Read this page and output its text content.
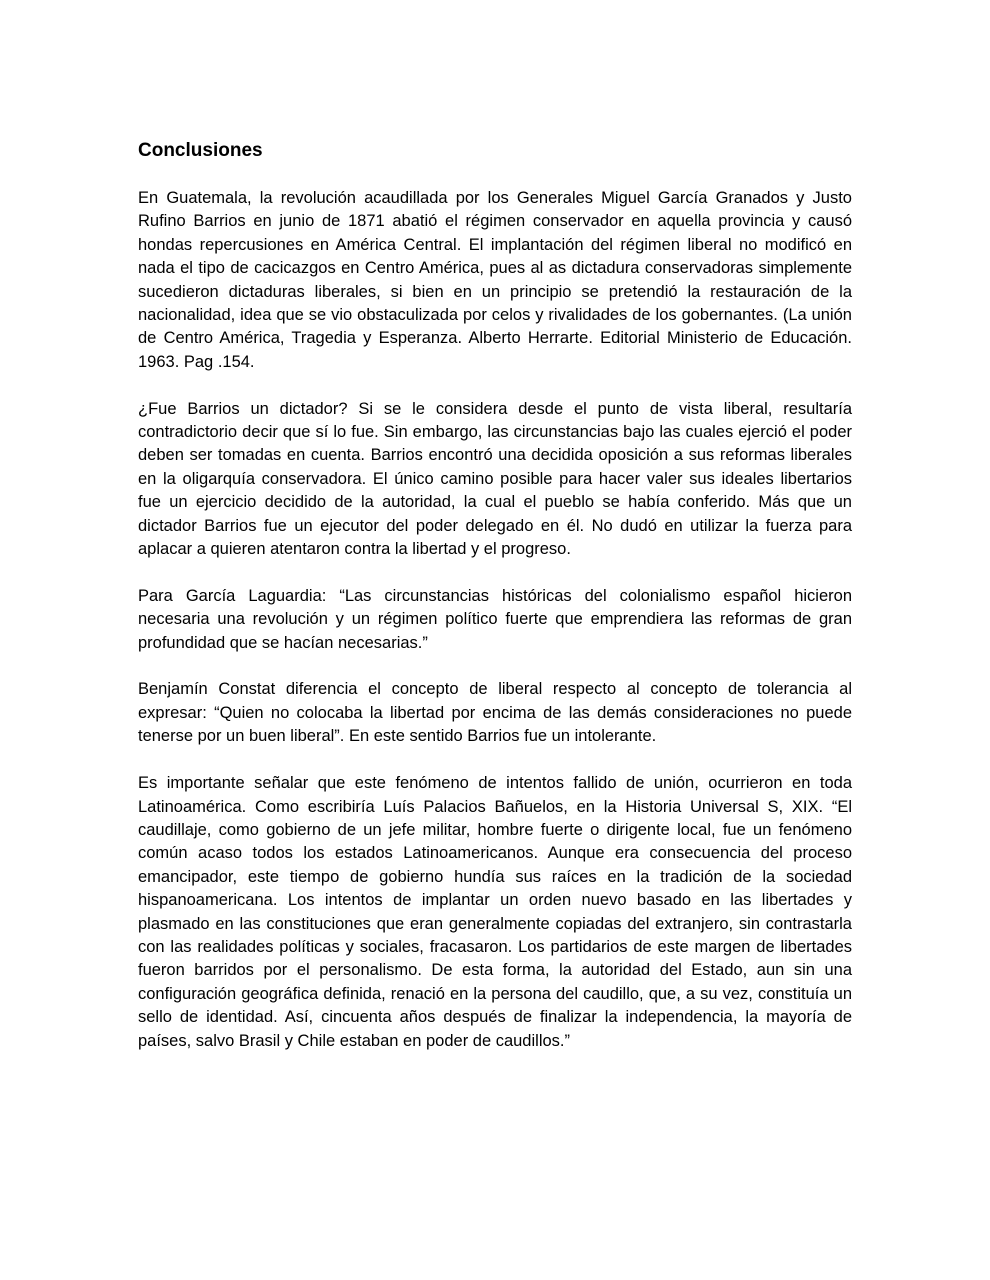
Conclusiones

En Guatemala, la revolución acaudillada por los Generales Miguel García Granados y Justo Rufino Barrios en junio de 1871 abatió el régimen conservador en aquella provincia y causó hondas repercusiones en América Central. El implantación del régimen liberal no modificó en nada el tipo de cacicazgos en Centro América, pues al as dictadura conservadoras simplemente sucedieron dictaduras liberales, si bien en un principio se pretendió la restauración de la nacionalidad, idea que se vio obstaculizada por celos y rivalidades de los gobernantes. (La unión de Centro América, Tragedia y Esperanza. Alberto Herrarte. Editorial Ministerio de Educación. 1963. Pag .154.

¿Fue Barrios un dictador? Si se le considera desde el punto de vista liberal, resultaría contradictorio decir que sí lo fue. Sin embargo, las circunstancias bajo las cuales ejerció el poder deben ser tomadas en cuenta. Barrios encontró una decidida oposición a sus reformas liberales en la oligarquía conservadora. El único camino posible para hacer valer sus ideales libertarios fue un ejercicio decidido de la autoridad, la cual el pueblo se había conferido. Más que un dictador Barrios fue un ejecutor del poder delegado en él. No dudó en utilizar la fuerza para aplacar a quieren atentaron contra la libertad y el progreso.

Para García Laguardia: “Las circunstancias históricas del colonialismo español hicieron necesaria una revolución y un régimen político fuerte que emprendiera las reformas de gran profundidad que se hacían necesarias.”

Benjamín Constat diferencia el concepto de liberal respecto al concepto de tolerancia al expresar: “Quien no colocaba la libertad por encima de las demás consideraciones no puede tenerse por un buen liberal”. En este sentido Barrios fue un intolerante.

Es importante señalar que este fenómeno de intentos fallido de unión, ocurrieron en toda Latinoamérica. Como escribiría Luís Palacios Bañuelos, en la Historia Universal S, XIX. “El caudillaje, como gobierno de un jefe militar, hombre fuerte o dirigente local, fue un fenómeno común acaso todos los estados Latinoamericanos. Aunque era consecuencia del proceso emancipador, este tiempo de gobierno hundía sus raíces en la tradición de la sociedad hispanoamericana. Los intentos de implantar un orden nuevo basado en las libertades y plasmado en las constituciones que eran generalmente copiadas del extranjero, sin contrastarla con las realidades políticas y sociales, fracasaron. Los partidarios de este margen de libertades fueron barridos por el personalismo. De esta forma, la autoridad del Estado, aun sin una configuración geográfica definida, renació en la persona del caudillo, que, a su vez, constituía un sello de identidad. Así, cincuenta años después de finalizar la independencia, la mayoría de países, salvo Brasil y Chile estaban en poder de caudillos.”
